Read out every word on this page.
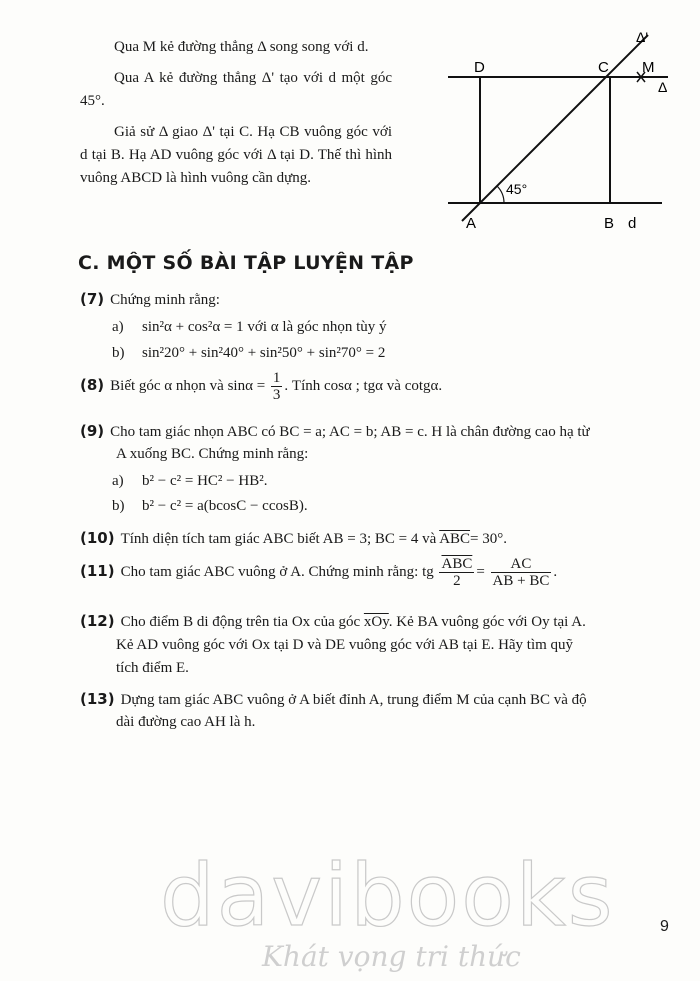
Qua M kẻ đường thẳng Δ song song với d.

Qua A kẻ đường thẳng Δ' tạo với d một góc 45°.

Giả sử Δ giao Δ' tại C. Hạ CB vuông góc với d tại B. Hạ AD vuông góc với Δ tại D. Thế thì hình vuông ABCD là hình vuông cần dựng.

D	C M
Δ
Δ'
A	B d
45°
C. MỘT SỐ BÀI TẬP LUYỆN TẬP
(7) Chứng minh rằng:
a) sin²α + cos²α = 1 với α là góc nhọn tùy ý
b) sin²20° + sin²40° + sin²50° + sin²70° = 2
(8) Biết góc α nhọn và $\sin\alpha = \frac{1}{3}$ . Tính cosα ; tgα và cotgα.
(9) Cho tam giác nhọn ABC có BC = a; AC = b; AB = c. H là chân đường cao hạ từ
A xuống BC. Chứng minh rằng:
a) b² − c² = HC² − HB².
b) b² − c² = a(bcosC − ccosB).
(10) Tính diện tích tam giác ABC biết AB = 3; BC = 4 và $\overline{ABC}= 30^\circ$.
(11) Cho tam giác ABC vuông ở A. Chứng minh rằng: tg $\frac{\overline{ABC}}{2} = \frac{AC}{AB + BC}$ .
(12) Cho điểm B di động trên tia Ox của góc $\overline{xOy}$. Kẻ BA vuông góc với Oy tại A.
Kẻ AD vuông góc với Ox tại D và DE vuông góc với AB tại E. Hãy tìm quỹ
tích điểm E.
(13) Dựng tam giác ABC vuông ở A biết đỉnh A, trung điểm M của cạnh BC và độ
dài đường cao AH là h.
davibooks
Khát vọng tri thức
9
